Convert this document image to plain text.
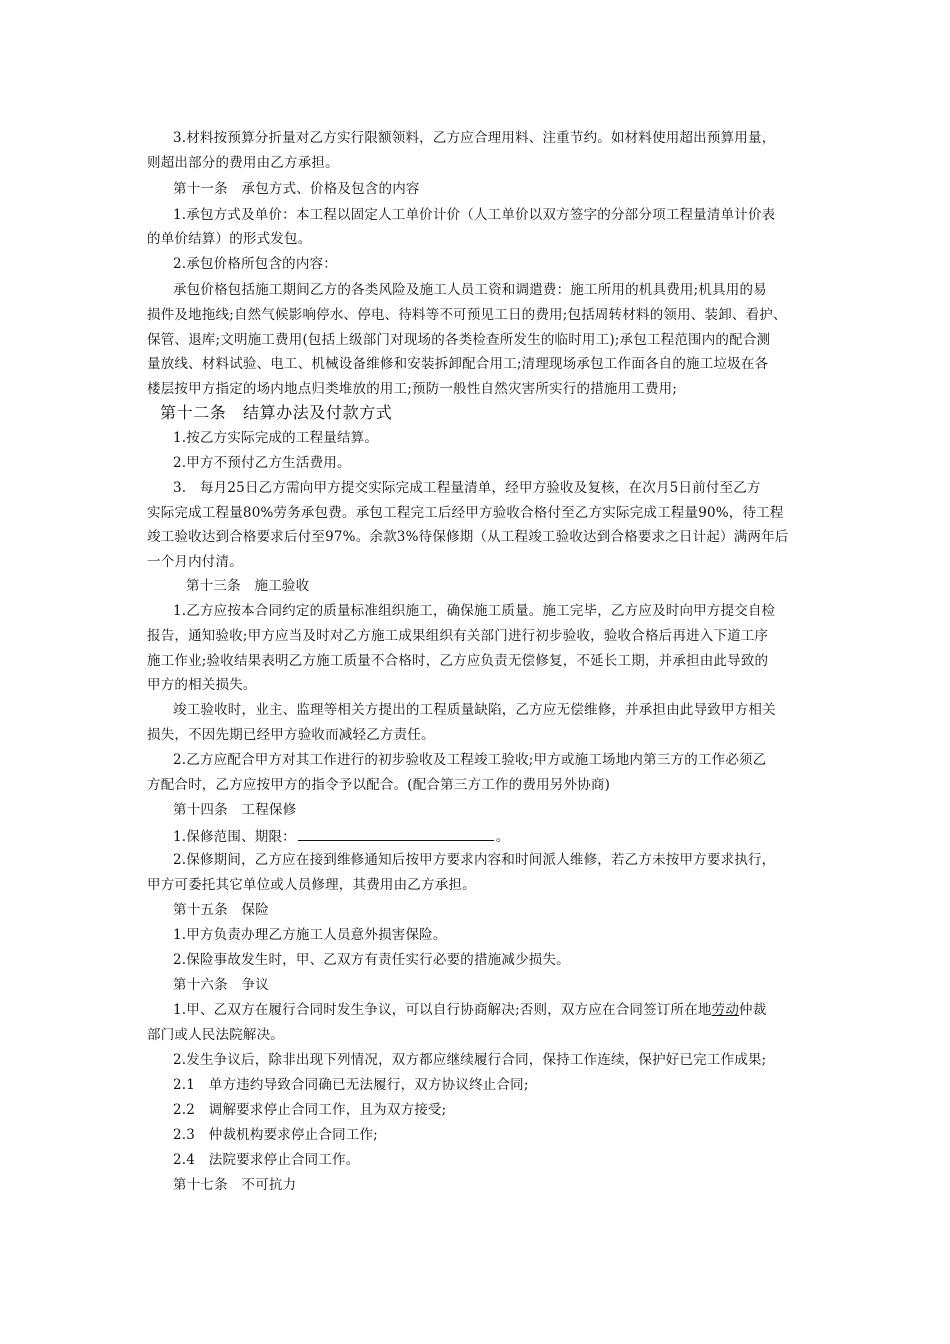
3.材料按预算分折量对乙方实行限额领料，乙方应合理用料、注重节约。如材料使用超出预算用量，
则超出部分的费用由乙方承担。
第十一条　承包方式、价格及包含的内容
1.承包方式及单价：本工程以固定人工单价计价（人工单价以双方签字的分部分项工程量清单计价表
的单价结算）的形式发包。
2.承包价格所包含的内容：
承包价格包括施工期间乙方的各类风险及施工人员工资和调遣费：施工所用的机具费用;机具用的易
损件及地拖线;自然气候影响停水、停电、待料等不可预见工日的费用;包括周转材料的领用、装卸、看护、
保管、退库;文明施工费用(包括上级部门对现场的各类检查所发生的临时用工);承包工程范围内的配合测
量放线、材料试验、电工、机械设备维修和安装拆卸配合用工;清理现场承包工作面各自的施工垃圾在各
楼层按甲方指定的场内地点归类堆放的用工;预防一般性自然灾害所实行的措施用工费用;
第十二条　结算办法及付款方式
1.按乙方实际完成的工程量结算。
2.甲方不预付乙方生活费用。
3.　每月25日乙方需向甲方提交实际完成工程量清单，经甲方验收及复核，在次月5日前付至乙方
实际完成工程量80%劳务承包费。承包工程完工后经甲方验收合格付至乙方实际完成工程量90%，待工程
竣工验收达到合格要求后付至97%。余款3%待保修期（从工程竣工验收达到合格要求之日计起）满两年后
一个月内付清。
第十三条　施工验收
1.乙方应按本合同约定的质量标准组织施工，确保施工质量。施工完毕，乙方应及时向甲方提交自检
报告，通知验收;甲方应当及时对乙方施工成果组织有关部门进行初步验收，验收合格后再进入下道工序
施工作业;验收结果表明乙方施工质量不合格时，乙方应负责无偿修复，不延长工期，并承担由此导致的
甲方的相关损失。
竣工验收时，业主、监理等相关方提出的工程质量缺陷，乙方应无偿维修，并承担由此导致甲方相关
损失，不因先期已经甲方验收而减轻乙方责任。
2.乙方应配合甲方对其工作进行的初步验收及工程竣工验收;甲方或施工场地内第三方的工作必须乙
方配合时，乙方应按甲方的指令予以配合。(配合第三方工作的费用另外协商)
第十四条　工程保修
1.保修范围、期限：	。
2.保修期间，乙方应在接到维修通知后按甲方要求内容和时间派人维修，若乙方未按甲方要求执行，
甲方可委托其它单位或人员修理，其费用由乙方承担。
第十五条　保险
1.甲方负责办理乙方施工人员意外损害保险。
2.保险事故发生时，甲、乙双方有责任实行必要的措施减少损失。
第十六条　争议
1.甲、乙双方在履行合同时发生争议，可以自行协商解决;否则，双方应在合同签订所在地劳动仲裁
部门或人民法院解决。
2.发生争议后，除非出现下列情况，双方都应继续履行合同，保持工作连续，保护好已完工作成果;
2.1　单方违约导致合同确已无法履行，双方协议终止合同;
2.2　调解要求停止合同工作，且为双方接受;
2.3　仲裁机构要求停止合同工作;
2.4　法院要求停止合同工作。
第十七条　不可抗力
